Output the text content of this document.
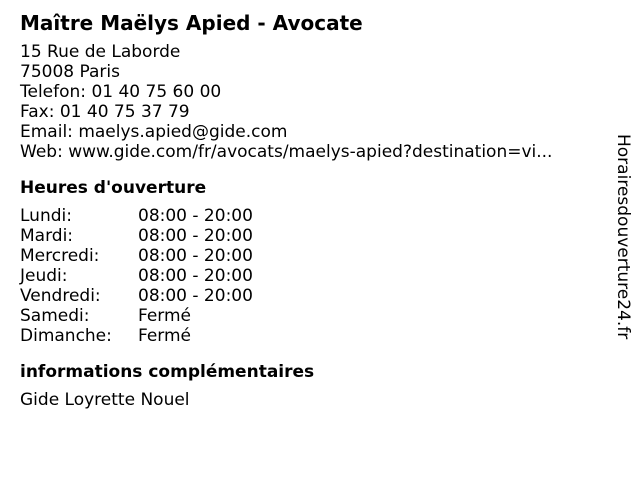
Maître Maëlys Apied - Avocate
15 Rue de Laborde
75008 Paris
Telefon: 01 40 75 60 00
Fax: 01 40 75 37 79
Email: maelys.apied@gide.com
Web: www.gide.com/fr/avocats/maelys-apied?destination=vi...
Heures d'ouverture
Lundi:	08:00 - 20:00
Mardi:	08:00 - 20:00
Mercredi:	08:00 - 20:00
Jeudi:	08:00 - 20:00
Vendredi:	08:00 - 20:00
Samedi:	Fermé
Dimanche:	Fermé
informations complémentaires
Gide Loyrette Nouel
Horairesdouverture24.fr
